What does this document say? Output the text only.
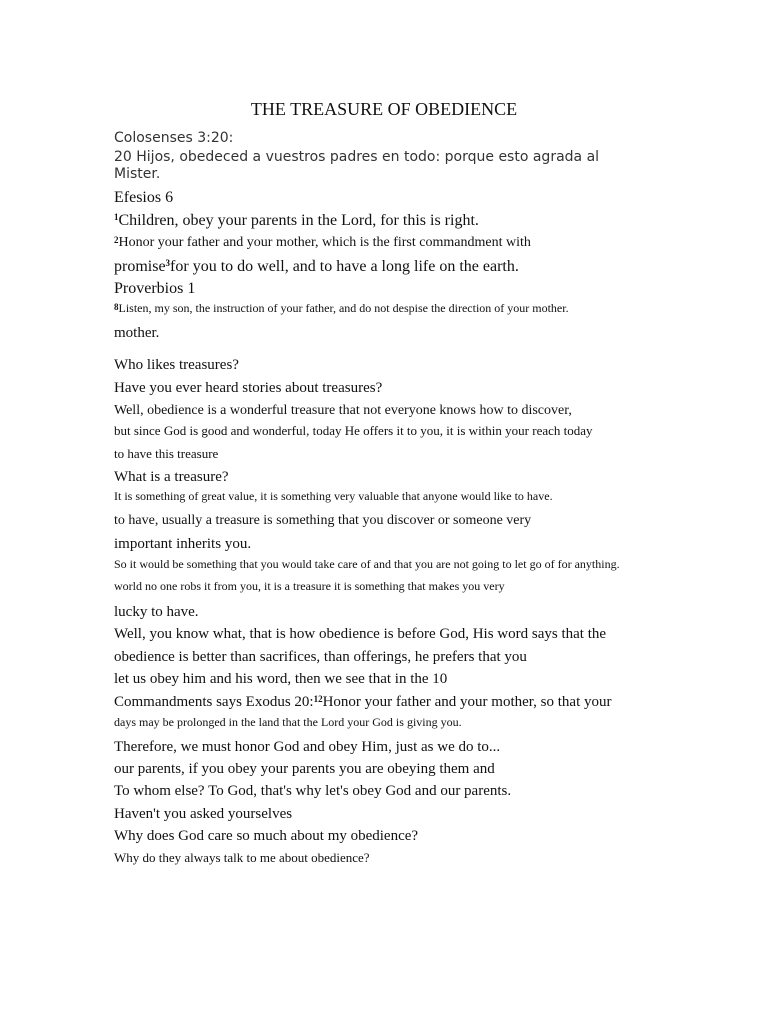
THE TREASURE OF OBEDIENCE
Colosenses 3:20:
20 Hijos, obedeced a vuestros padres en todo: porque esto agrada al
Mister.
Efesios 6
$^1$Children, obey your parents in the Lord, for this is right.
$^2$Honor your father and your mother, which is the first commandment with
promise$^3$for you to do well, and to have a long life on the earth.
Proverbios 1
$^8$Listen, my son, the instruction of your father, and do not despise the direction of your mother.
mother.
Who likes treasures?
Have you ever heard stories about treasures?
Well, obedience is a wonderful treasure that not everyone knows how to discover,
but since God is good and wonderful, today He offers it to you, it is within your reach today
to have this treasure
What is a treasure?
It is something of great value, it is something very valuable that anyone would like to have.
to have, usually a treasure is something that you discover or someone very
important inherits you.
So it would be something that you would take care of and that you are not going to let go of for anything.
world no one robs it from you, it is a treasure it is something that makes you very
lucky to have.
Well, you know what, that is how obedience is before God, His word says that the
obedience is better than sacrifices, than offerings, he prefers that you
let us obey him and his word, then we see that in the 10
Commandments says Exodus 20:$^{12}$Honor your father and your mother, so that your
days may be prolonged in the land that the Lord your God is giving you.
Therefore, we must honor God and obey Him, just as we do to...
our parents, if you obey your parents you are obeying them and
To whom else? To God, that's why let's obey God and our parents.
Haven't you asked yourselves
Why does God care so much about my obedience?
Why do they always talk to me about obedience?
